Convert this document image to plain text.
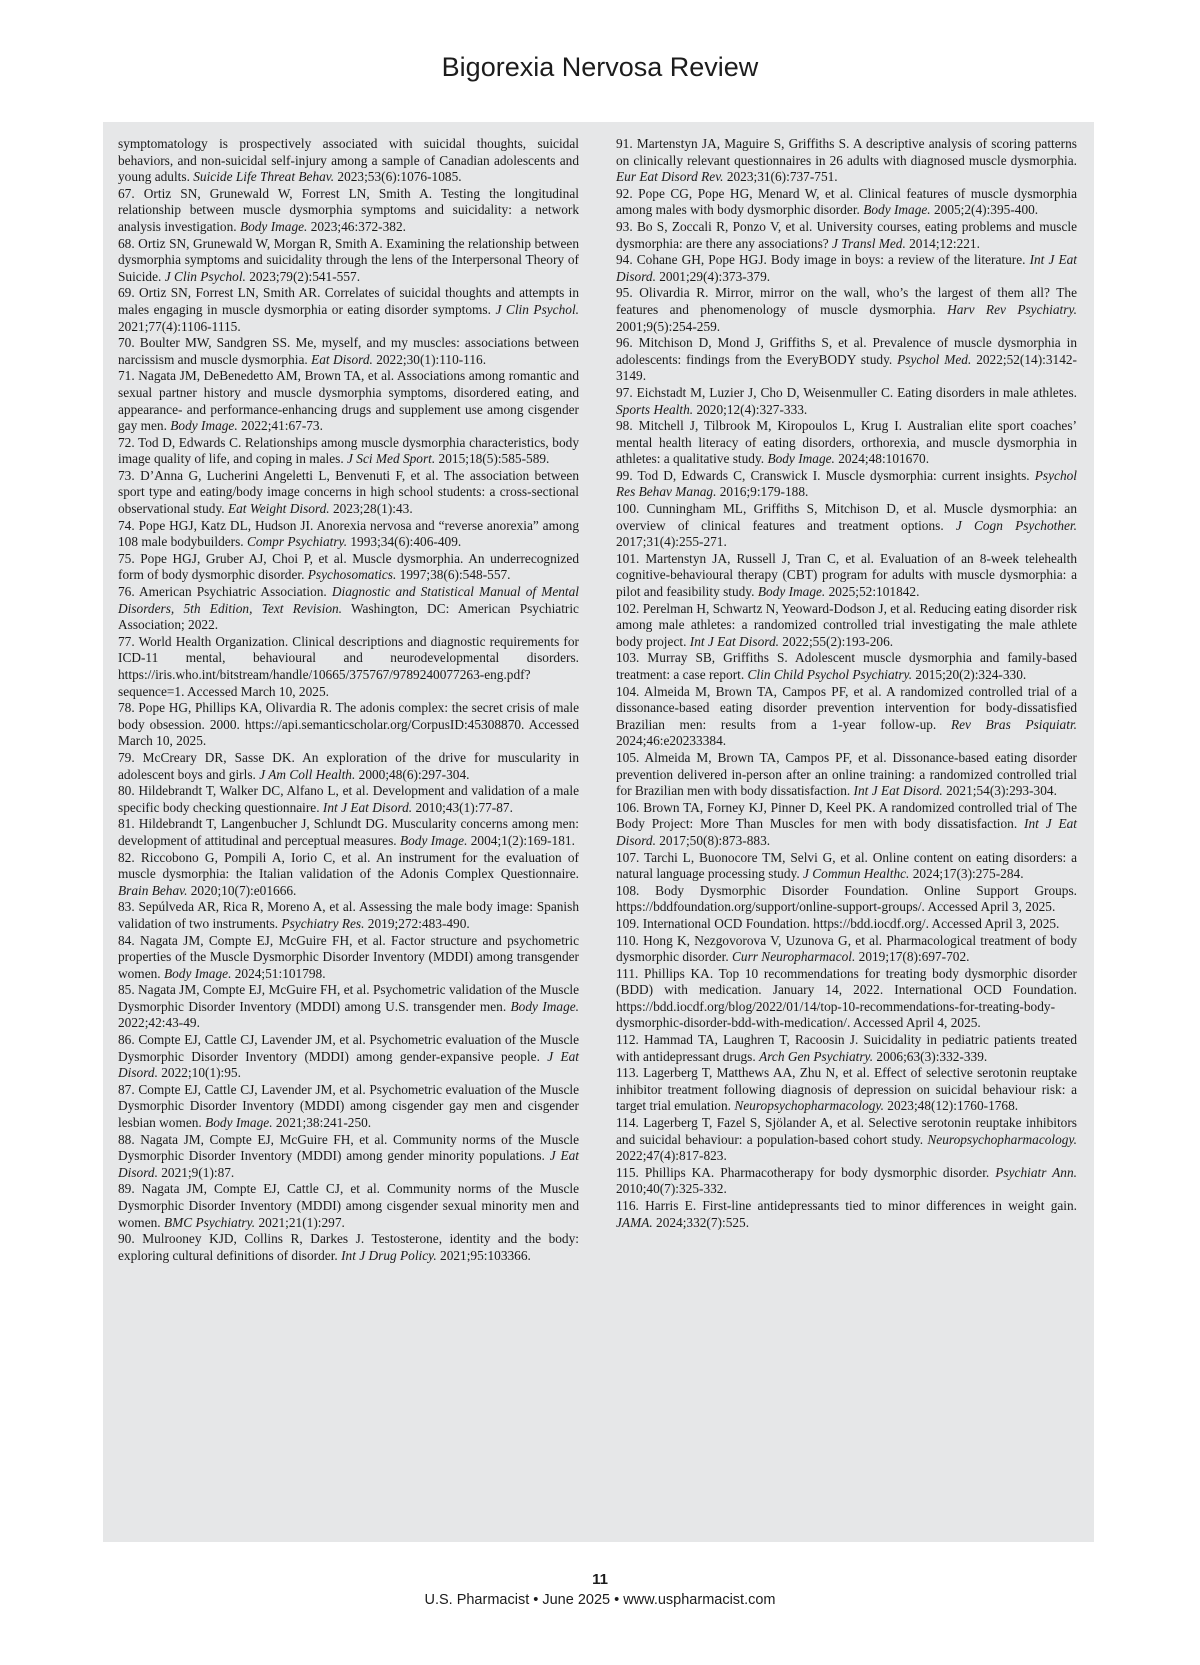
Bigorexia Nervosa Review

symptomatology is prospectively associated with suicidal thoughts, suicidal behaviors, and non-suicidal self-injury among a sample of Canadian adolescents and young adults. Suicide Life Threat Behav. 2023;53(6):1076-1085.

67. Ortiz SN, Grunewald W, Forrest LN, Smith A. Testing the longitudinal relationship between muscle dysmorphia symptoms and suicidality: a network analysis investigation. Body Image. 2023;46:372-382.

68. Ortiz SN, Grunewald W, Morgan R, Smith A. Examining the relationship between dysmorphia symptoms and suicidality through the lens of the Interpersonal Theory of Suicide. J Clin Psychol. 2023;79(2):541-557.

69. Ortiz SN, Forrest LN, Smith AR. Correlates of suicidal thoughts and attempts in males engaging in muscle dysmorphia or eating disorder symptoms. J Clin Psychol. 2021;77(4):1106-1115.

70. Boulter MW, Sandgren SS. Me, myself, and my muscles: associations between narcissism and muscle dysmorphia. Eat Disord. 2022;30(1):110-116.

71. Nagata JM, DeBenedetto AM, Brown TA, et al. Associations among romantic and sexual partner history and muscle dysmorphia symptoms, disordered eating, and appearance- and performance-enhancing drugs and supplement use among cisgender gay men. Body Image. 2022;41:67-73.

72. Tod D, Edwards C. Relationships among muscle dysmorphia characteristics, body image quality of life, and coping in males. J Sci Med Sport. 2015;18(5):585-589.

73. D’Anna G, Lucherini Angeletti L, Benvenuti F, et al. The association between sport type and eating/body image concerns in high school students: a cross-sectional observational study. Eat Weight Disord. 2023;28(1):43.

74. Pope HGJ, Katz DL, Hudson JI. Anorexia nervosa and “reverse anorexia” among 108 male bodybuilders. Compr Psychiatry. 1993;34(6):406-409.

75. Pope HGJ, Gruber AJ, Choi P, et al. Muscle dysmorphia. An underrecognized form of body dysmorphic disorder. Psychosomatics. 1997;38(6):548-557.

76. American Psychiatric Association. Diagnostic and Statistical Manual of Mental Disorders, 5th Edition, Text Revision. Washington, DC: American Psychiatric Association; 2022.

77. World Health Organization. Clinical descriptions and diagnostic requirements for ICD-11 mental, behavioural and neurodevelopmental disorders. https://iris.who.int/bitstream/handle/10665/375767/9789240077263-eng.pdf?sequence=1. Accessed March 10, 2025.

78. Pope HG, Phillips KA, Olivardia R. The adonis complex: the secret crisis of male body obsession. 2000. https://api.semanticscholar.org/CorpusID:45308870. Accessed March 10, 2025.

79. McCreary DR, Sasse DK. An exploration of the drive for muscularity in adolescent boys and girls. J Am Coll Health. 2000;48(6):297-304.

80. Hildebrandt T, Walker DC, Alfano L, et al. Development and validation of a male specific body checking questionnaire. Int J Eat Disord. 2010;43(1):77-87.

81. Hildebrandt T, Langenbucher J, Schlundt DG. Muscularity concerns among men: development of attitudinal and perceptual measures. Body Image. 2004;1(2):169-181.

82. Riccobono G, Pompili A, Iorio C, et al. An instrument for the evaluation of muscle dysmorphia: the Italian validation of the Adonis Complex Questionnaire. Brain Behav. 2020;10(7):e01666.

83. Sepúlveda AR, Rica R, Moreno A, et al. Assessing the male body image: Spanish validation of two instruments. Psychiatry Res. 2019;272:483-490.

84. Nagata JM, Compte EJ, McGuire FH, et al. Factor structure and psychometric properties of the Muscle Dysmorphic Disorder Inventory (MDDI) among transgender women. Body Image. 2024;51:101798.

85. Nagata JM, Compte EJ, McGuire FH, et al. Psychometric validation of the Muscle Dysmorphic Disorder Inventory (MDDI) among U.S. transgender men. Body Image. 2022;42:43-49.

86. Compte EJ, Cattle CJ, Lavender JM, et al. Psychometric evaluation of the Muscle Dysmorphic Disorder Inventory (MDDI) among gender-expansive people. J Eat Disord. 2022;10(1):95.

87. Compte EJ, Cattle CJ, Lavender JM, et al. Psychometric evaluation of the Muscle Dysmorphic Disorder Inventory (MDDI) among cisgender gay men and cisgender lesbian women. Body Image. 2021;38:241-250.

88. Nagata JM, Compte EJ, McGuire FH, et al. Community norms of the Muscle Dysmorphic Disorder Inventory (MDDI) among gender minority populations. J Eat Disord. 2021;9(1):87.

89. Nagata JM, Compte EJ, Cattle CJ, et al. Community norms of the Muscle Dysmorphic Disorder Inventory (MDDI) among cisgender sexual minority men and women. BMC Psychiatry. 2021;21(1):297.

90. Mulrooney KJD, Collins R, Darkes J. Testosterone, identity and the body: exploring cultural definitions of disorder. Int J Drug Policy. 2021;95:103366.

91. Martenstyn JA, Maguire S, Griffiths S. A descriptive analysis of scoring patterns on clinically relevant questionnaires in 26 adults with diagnosed muscle dysmorphia. Eur Eat Disord Rev. 2023;31(6):737-751.

92. Pope CG, Pope HG, Menard W, et al. Clinical features of muscle dysmorphia among males with body dysmorphic disorder. Body Image. 2005;2(4):395-400.

93. Bo S, Zoccali R, Ponzo V, et al. University courses, eating problems and muscle dysmorphia: are there any associations? J Transl Med. 2014;12:221.

94. Cohane GH, Pope HGJ. Body image in boys: a review of the literature. Int J Eat Disord. 2001;29(4):373-379.

95. Olivardia R. Mirror, mirror on the wall, who’s the largest of them all? The features and phenomenology of muscle dysmorphia. Harv Rev Psychiatry. 2001;9(5):254-259.

96. Mitchison D, Mond J, Griffiths S, et al. Prevalence of muscle dysmorphia in adolescents: findings from the EveryBODY study. Psychol Med. 2022;52(14):3142-3149.

97. Eichstadt M, Luzier J, Cho D, Weisenmuller C. Eating disorders in male athletes. Sports Health. 2020;12(4):327-333.

98. Mitchell J, Tilbrook M, Kiropoulos L, Krug I. Australian elite sport coaches’ mental health literacy of eating disorders, orthorexia, and muscle dysmorphia in athletes: a qualitative study. Body Image. 2024;48:101670.

99. Tod D, Edwards C, Cranswick I. Muscle dysmorphia: current insights. Psychol Res Behav Manag. 2016;9:179-188.

100. Cunningham ML, Griffiths S, Mitchison D, et al. Muscle dysmorphia: an overview of clinical features and treatment options. J Cogn Psychother. 2017;31(4):255-271.

101. Martenstyn JA, Russell J, Tran C, et al. Evaluation of an 8-week telehealth cognitive-behavioural therapy (CBT) program for adults with muscle dysmorphia: a pilot and feasibility study. Body Image. 2025;52:101842.

102. Perelman H, Schwartz N, Yeoward-Dodson J, et al. Reducing eating disorder risk among male athletes: a randomized controlled trial investigating the male athlete body project. Int J Eat Disord. 2022;55(2):193-206.

103. Murray SB, Griffiths S. Adolescent muscle dysmorphia and family-based treatment: a case report. Clin Child Psychol Psychiatry. 2015;20(2):324-330.

104. Almeida M, Brown TA, Campos PF, et al. A randomized controlled trial of a dissonance-based eating disorder prevention intervention for body-dissatisfied Brazilian men: results from a 1-year follow-up. Rev Bras Psiquiatr. 2024;46:e20233384.

105. Almeida M, Brown TA, Campos PF, et al. Dissonance-based eating disorder prevention delivered in-person after an online training: a randomized controlled trial for Brazilian men with body dissatisfaction. Int J Eat Disord. 2021;54(3):293-304.

106. Brown TA, Forney KJ, Pinner D, Keel PK. A randomized controlled trial of The Body Project: More Than Muscles for men with body dissatisfaction. Int J Eat Disord. 2017;50(8):873-883.

107. Tarchi L, Buonocore TM, Selvi G, et al. Online content on eating disorders: a natural language processing study. J Commun Healthc. 2024;17(3):275-284.

108. Body Dysmorphic Disorder Foundation. Online Support Groups. https://bddfoundation.org/support/online-support-groups/. Accessed April 3, 2025.

109. International OCD Foundation. https://bdd.iocdf.org/. Accessed April 3, 2025.

110. Hong K, Nezgovorova V, Uzunova G, et al. Pharmacological treatment of body dysmorphic disorder. Curr Neuropharmacol. 2019;17(8):697-702.

111. Phillips KA. Top 10 recommendations for treating body dysmorphic disorder (BDD) with medication. January 14, 2022. International OCD Foundation. https://bdd.iocdf.org/blog/2022/01/14/top-10-recommendations-for-treating-body-dysmorphic-disorder-bdd-with-medication/. Accessed April 4, 2025.

112. Hammad TA, Laughren T, Racoosin J. Suicidality in pediatric patients treated with antidepressant drugs. Arch Gen Psychiatry. 2006;63(3):332-339.

113. Lagerberg T, Matthews AA, Zhu N, et al. Effect of selective serotonin reuptake inhibitor treatment following diagnosis of depression on suicidal behaviour risk: a target trial emulation. Neuropsychopharmacology. 2023;48(12):1760-1768.

114. Lagerberg T, Fazel S, Sjölander A, et al. Selective serotonin reuptake inhibitors and suicidal behaviour: a population-based cohort study. Neuropsychopharmacology. 2022;47(4):817-823.

115. Phillips KA. Pharmacotherapy for body dysmorphic disorder. Psychiatr Ann. 2010;40(7):325-332.

116. Harris E. First-line antidepressants tied to minor differences in weight gain. JAMA. 2024;332(7):525.

11
U.S. Pharmacist • June 2025 • www.uspharmacist.com
